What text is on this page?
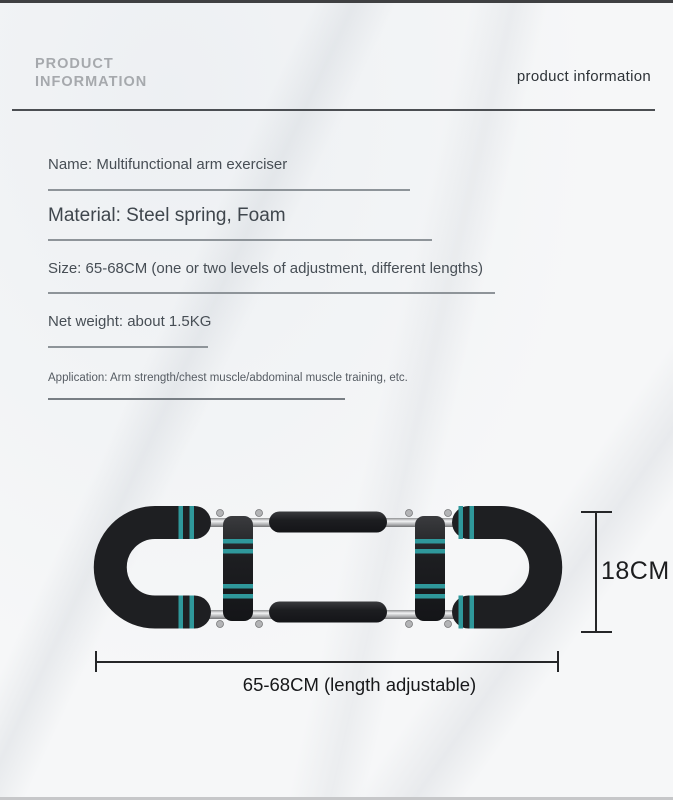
PRODUCT
INFORMATION	product information
Name: Multifunctional arm exerciser
Material: Steel spring, Foam
Size: 65-68CM (one or two levels of adjustment, different lengths)
Net weight: about 1.5KG
Application: Arm strength/chest muscle/abdominal muscle training, etc.
18CM
65-68CM (length adjustable)
